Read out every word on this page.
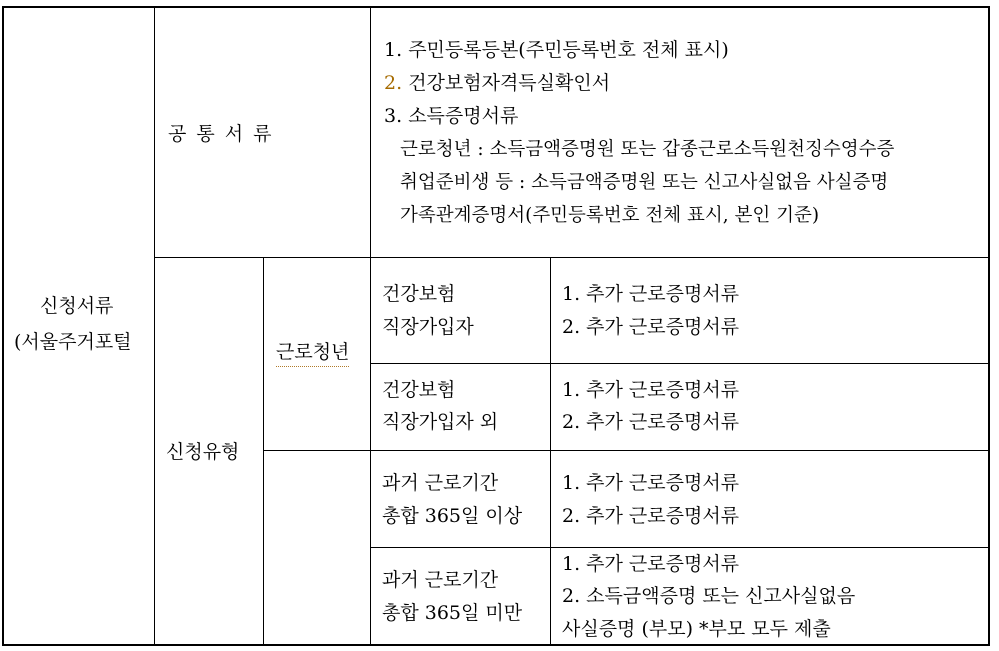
신청서류
(서울주거포털
공 통 서 류
1. 주민등록등본(주민등록번호 전체 표시)
2. 건강보험자격득실확인서
3. 소득증명서류
근로청년 : 소득금액증명원 또는 갑종근로소득원천징수영수증
취업준비생 등 : 소득금액증명원 또는 신고사실없음 사실증명
가족관계증명서(주민등록번호 전체 표시, 본인 기준)
신청유형
근로청년
건강보험
직장가입자
1. 추가 근로증명서류
2. 추가 근로증명서류
건강보험
직장가입자 외
1. 추가 근로증명서류
2. 추가 근로증명서류
과거 근로기간
총합 365일 이상
1. 추가 근로증명서류
2. 추가 근로증명서류
과거 근로기간
총합 365일 미만
1. 추가 근로증명서류
2. 소득금액증명 또는 신고사실없음
사실증명 (부모) *부모 모두 제출
